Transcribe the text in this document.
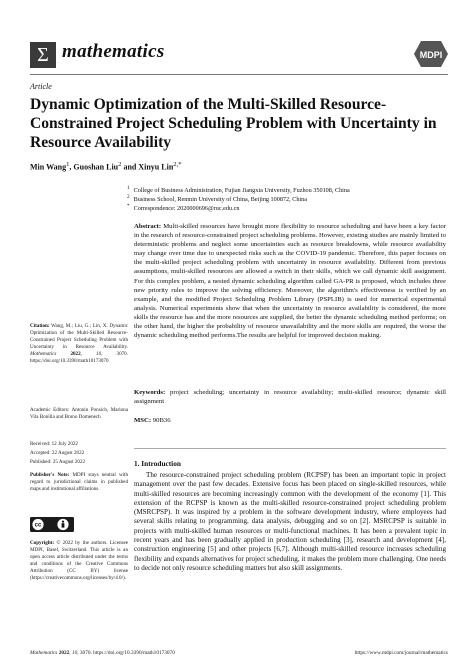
Σ mathematics	MDPI
Article
Dynamic Optimization of the Multi-Skilled Resource-Constrained Project Scheduling Problem with Uncertainty in Resource Availability
Min Wang$^1$, Guoshan Liu$^2$ and Xinyu Lin$^{2,*}$
$^1$ College of Business Administration, Fujian Jiangxia University, Fuzhou 350108, China
$^2$ Business School, Renmin University of China, Beijing 100872, China
* Correspondence: 2020000696@ruc.edu.cn
Abstract: Multi-skilled resources have brought more flexibility to resource scheduling and have been a key factor in the research of resource-constrained project scheduling problems. However, existing studies are mainly limited to deterministic problems and neglect some uncertainties such as resource breakdowns, while resource availability may change over time due to unexpected risks such as the COVID-19 pandemic. Therefore, this paper focuses on the multi-skilled project scheduling problem with uncertainty in resource availability. Different from previous assumptions, multi-skilled resources are allowed a switch in their skills, which we call dynamic skill assignment. For this complex problem, a nested dynamic scheduling algorithm called GA-PR is proposed, which includes three new priority rules to improve the solving efficiency. Moreover, the algorithm's effectiveness is verified by an example, and the modified Project Scheduling Problem Library (PSPLIB) is used for numerical experimental analysis. Numerical experiments show that when the uncertainty in resource availability is considered, the more skills the resource has and the more resources are supplied, the better the dynamic scheduling method performs; on the other hand, the higher the probability of resource unavailability and the more skills are required, the worse the dynamic scheduling method performs.The results are helpful for improved decision making.
Keywords: project scheduling; uncertainty in resource availability; multi-skilled resource; dynamic skill assignment
MSC: 90B36
Citation: Wang, M.; Liu, G.; Lin, X. Dynamic Optimization of the Multi-Skilled Resource-Constrained Project Scheduling Problem with Uncertainty in Resource Availability. Mathematics	2022, 10, 3070. https://doi.org/10.3390/math10173070
Academic Editors: Antonin Ponsich, Mariona Vila Bonilla and Bruno Domenech
Received: 12 July 2022
Accepted: 22 August 2022
Published: 25 August 2022
Publisher's Note: MDPI stays neutral with regard to jurisdictional claims in published maps and institutional affiliations.
cc
Copyright: © 2022 by the authors. Licensee MDPI, Basel, Switzerland. This article is an open access article distributed under the terms and conditions of the Creative Commons Attribution (CC BY) license (https://creativecommons.org/licenses/by/4.0/).
1. Introduction
The resource-constrained project scheduling problem (RCPSP) has been an important topic in project management over the past few decades. Extensive focus has been placed on single-skilled resources, while multi-skilled resources are becoming increasingly common with the development of the economy [1]. This extension of the RCPSP is known as the multi-skilled resource-constrained project scheduling problem (MSRCPSP). It was inspired by a problem in the software development industry, where employees had several skills relating to programming, data analysis, debugging and so on [2]. MSRCPSP is suitable in projects with multi-skilled human resources or multi-functional machines. It has been a prevalent topic in recent years and has been gradually applied in production scheduling [3], research and development [4], construction engineering [5] and other projects [6,7]. Although multi-skilled resource increases scheduling flexibility and expands alternatives for project scheduling, it makes the problem more challenging. One needs to decide not only resource scheduling matters but also skill assignments.
Mathematics 2022, 10, 3070. https://doi.org/10.3390/math10173070	https://www.mdpi.com/journal/mathematics
